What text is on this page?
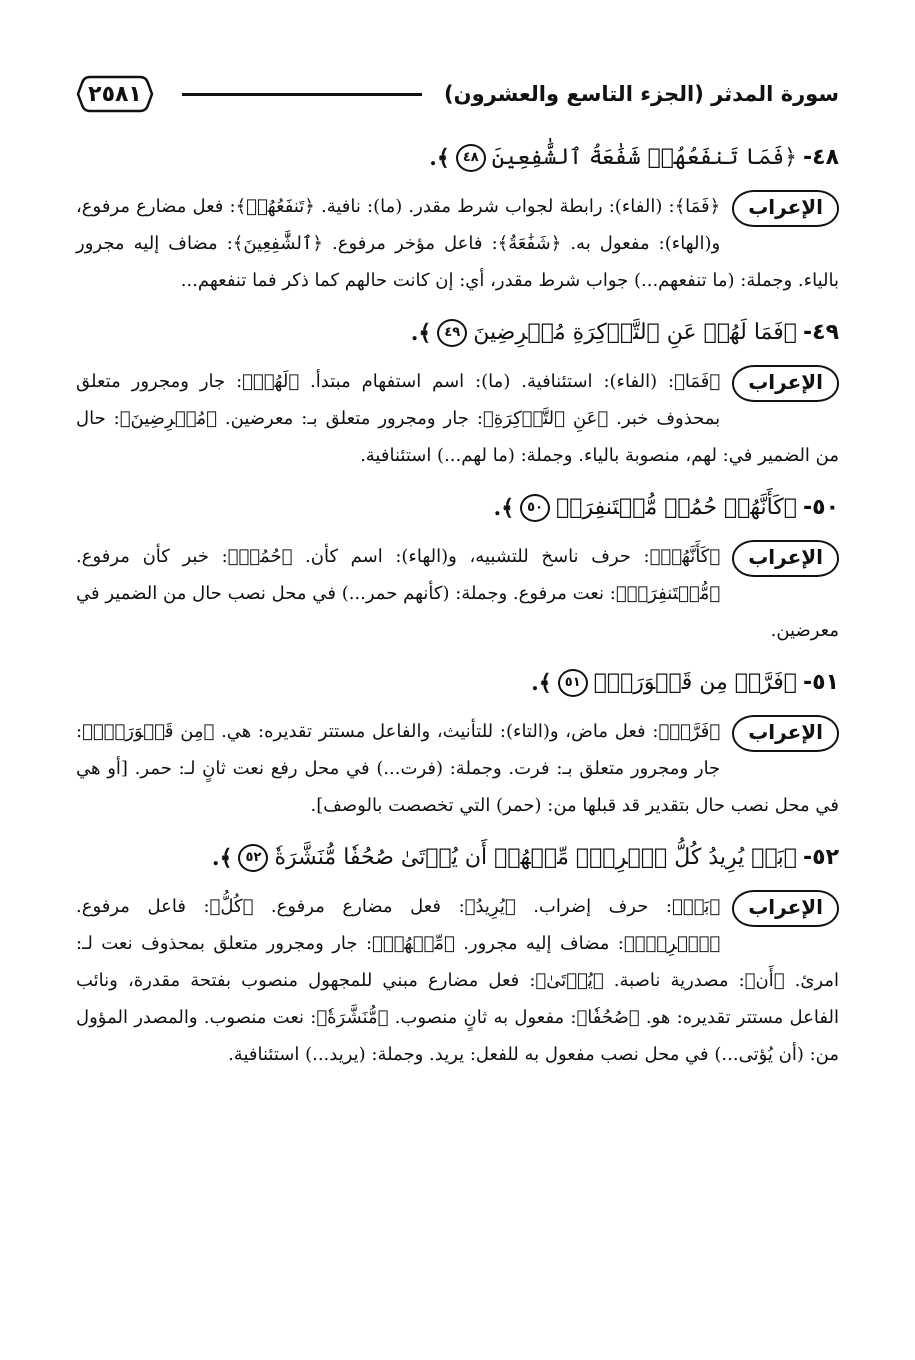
سورة المدثر (الجزء التاسع والعشرون)
٢٥٨١
٤٨-
﴿فَمَا تَنفَعُهُمۡ شَفَٰعَةُ ٱلشَّٰفِعِينَ
٤٨
﴾.
الإعراب
﴿فَمَا﴾: (الفاء): رابطة لجواب شرط مقدر. (ما): نافية. ﴿تَنفَعُهُمۡ﴾: فعل مضارع مرفوع، و(الهاء): مفعول به. ﴿شَفَٰعَةُ﴾: فاعل مؤخر مرفوع. ﴿ٱلشَّٰفِعِينَ﴾: مضاف إليه مجرور بالياء. وجملة: (ما تنفعهم...) جواب شرط مقدر، أي: إن كانت حالهم كما ذكر فما تنفعهم...
٤٩-
﴿فَمَا لَهُمۡ عَنِ ٱلتَّذۡكِرَةِ مُعۡرِضِينَ
٤٩
﴾.
الإعراب
﴿فَمَا﴾: (الفاء): استئنافية. (ما): اسم استفهام مبتدأ. ﴿لَهُمۡ﴾: جار ومجرور متعلق بمحذوف خبر. ﴿عَنِ ٱلتَّذۡكِرَةِ﴾: جار ومجرور متعلق بـ: معرضين. ﴿مُعۡرِضِينَ﴾: حال من الضمير في: لهم، منصوبة بالياء. وجملة: (ما لهم...) استئنافية.
٥٠-
﴿كَأَنَّهُمۡ حُمُرٞ مُّسۡتَنفِرَةٞ
٥٠
﴾.
الإعراب
﴿كَأَنَّهُمۡ﴾: حرف ناسخ للتشبيه، و(الهاء): اسم كأن. ﴿حُمُرٞ﴾: خبر كأن مرفوع. ﴿مُّسۡتَنفِرَةٞ﴾: نعت مرفوع. وجملة: (كأنهم حمر...) في محل نصب حال من الضمير في معرضين.
٥١-
﴿فَرَّتۡ مِن قَسۡوَرَةِۭ
٥١
﴾.
الإعراب
﴿فَرَّتۡ﴾: فعل ماض، و(التاء): للتأنيث، والفاعل مستتر تقديره: هي. ﴿مِن قَسۡوَرَةِۭ﴾: جار ومجرور متعلق بـ: فرت. وجملة: (فرت...) في محل رفع نعت ثانٍ لـ: حمر. [أو هي في محل نصب حال بتقدير قد قبلها من: (حمر) التي تخصصت بالوصف].
٥٢-
﴿بَلۡ يُرِيدُ كُلُّ ٱمۡرِيٕٖ مِّنۡهُمۡ أَن يُؤۡتَىٰ صُحُفٗا مُّنَشَّرَةٗ
٥٢
﴾.
الإعراب
﴿بَلۡ﴾: حرف إضراب. ﴿يُرِيدُ﴾: فعل مضارع مرفوع. ﴿كُلُّ﴾: فاعل مرفوع. ﴿ٱمۡرِيٕٖ﴾: مضاف إليه مجرور. ﴿مِّنۡهُمۡ﴾: جار ومجرور متعلق بمحذوف نعت لـ: امرئ. ﴿أَن﴾: مصدرية ناصبة. ﴿يُؤۡتَىٰ﴾: فعل مضارع مبني للمجهول منصوب بفتحة مقدرة، ونائب الفاعل مستتر تقديره: هو. ﴿صُحُفٗا﴾: مفعول به ثانٍ منصوب. ﴿مُّنَشَّرَةٗ﴾: نعت منصوب. والمصدر المؤول من: (أن يُؤتى...) في محل نصب مفعول به للفعل: يريد. وجملة: (يريد...) استئنافية.
